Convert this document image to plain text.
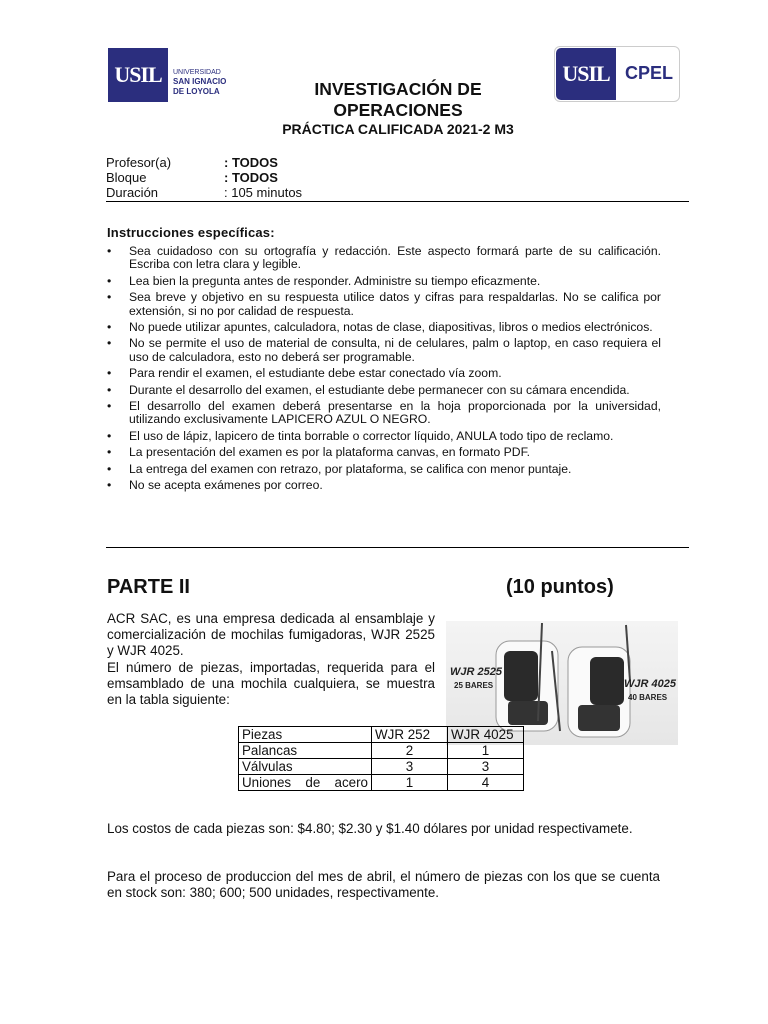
USIL	UNIVERSIDAD
SAN IGNACIO
DE LOYOLA
USIL CPEL
INVESTIGACIÓN DE
OPERACIONES
PRÁCTICA CALIFICADA 2021-2 M3
Profesor(a)	: TODOS
Bloque	: TODOS
Duración	: 105 minutos
Instrucciones específicas:
• Sea cuidadoso con su ortografía y redacción. Este aspecto formará parte de su calificación. Escriba con letra clara y legible.
• Lea bien la pregunta antes de responder. Administre su tiempo eficazmente.
• Sea breve y objetivo en su respuesta utilice datos y cifras para respaldarlas. No se califica por extensión, si no por calidad de respuesta.
• No puede utilizar apuntes, calculadora, notas de clase, diapositivas, libros o medios electrónicos.
• No se permite el uso de material de consulta, ni de celulares, palm o laptop, en caso requiera el uso de calculadora, esto no deberá ser programable.
• Para rendir el examen, el estudiante debe estar conectado vía zoom.
• Durante el desarrollo del examen, el estudiante debe permanecer con su cámara encendida.
• El desarrollo del examen deberá presentarse en la hoja proporcionada por la universidad, utilizando exclusivamente LAPICERO AZUL O NEGRO.
• El uso de lápiz, lapicero de tinta borrable o corrector líquido, ANULA todo tipo de reclamo.
• La presentación del examen es por la plataforma canvas, en formato PDF.
• La entrega del examen con retrazo, por plataforma, se califica con menor puntaje.
• No se acepta exámenes por correo.
PARTE II	(10 puntos)
ACR SAC, es una empresa dedicada al ensamblaje y comercialización de mochilas fumigadoras, WJR 2525 y WJR 4025.
El número de piezas, importadas, requerida para el emsamblado de una mochila cualquiera, se muestra en la tabla siguiente:
WJR 2525
25 BARES	WJR 4025
40 BARES
Piezas	WJR 252	WJR 4025
Palancas	2	1
Válvulas	3	3
Uniones de acero	1	4
Los costos de cada piezas son: $4.80; $2.30 y $1.40 dólares por unidad respectivamete.
Para el proceso de produccion del mes de abril, el número de piezas con los que se cuenta en stock son: 380; 600; 500 unidades, respectivamente.
